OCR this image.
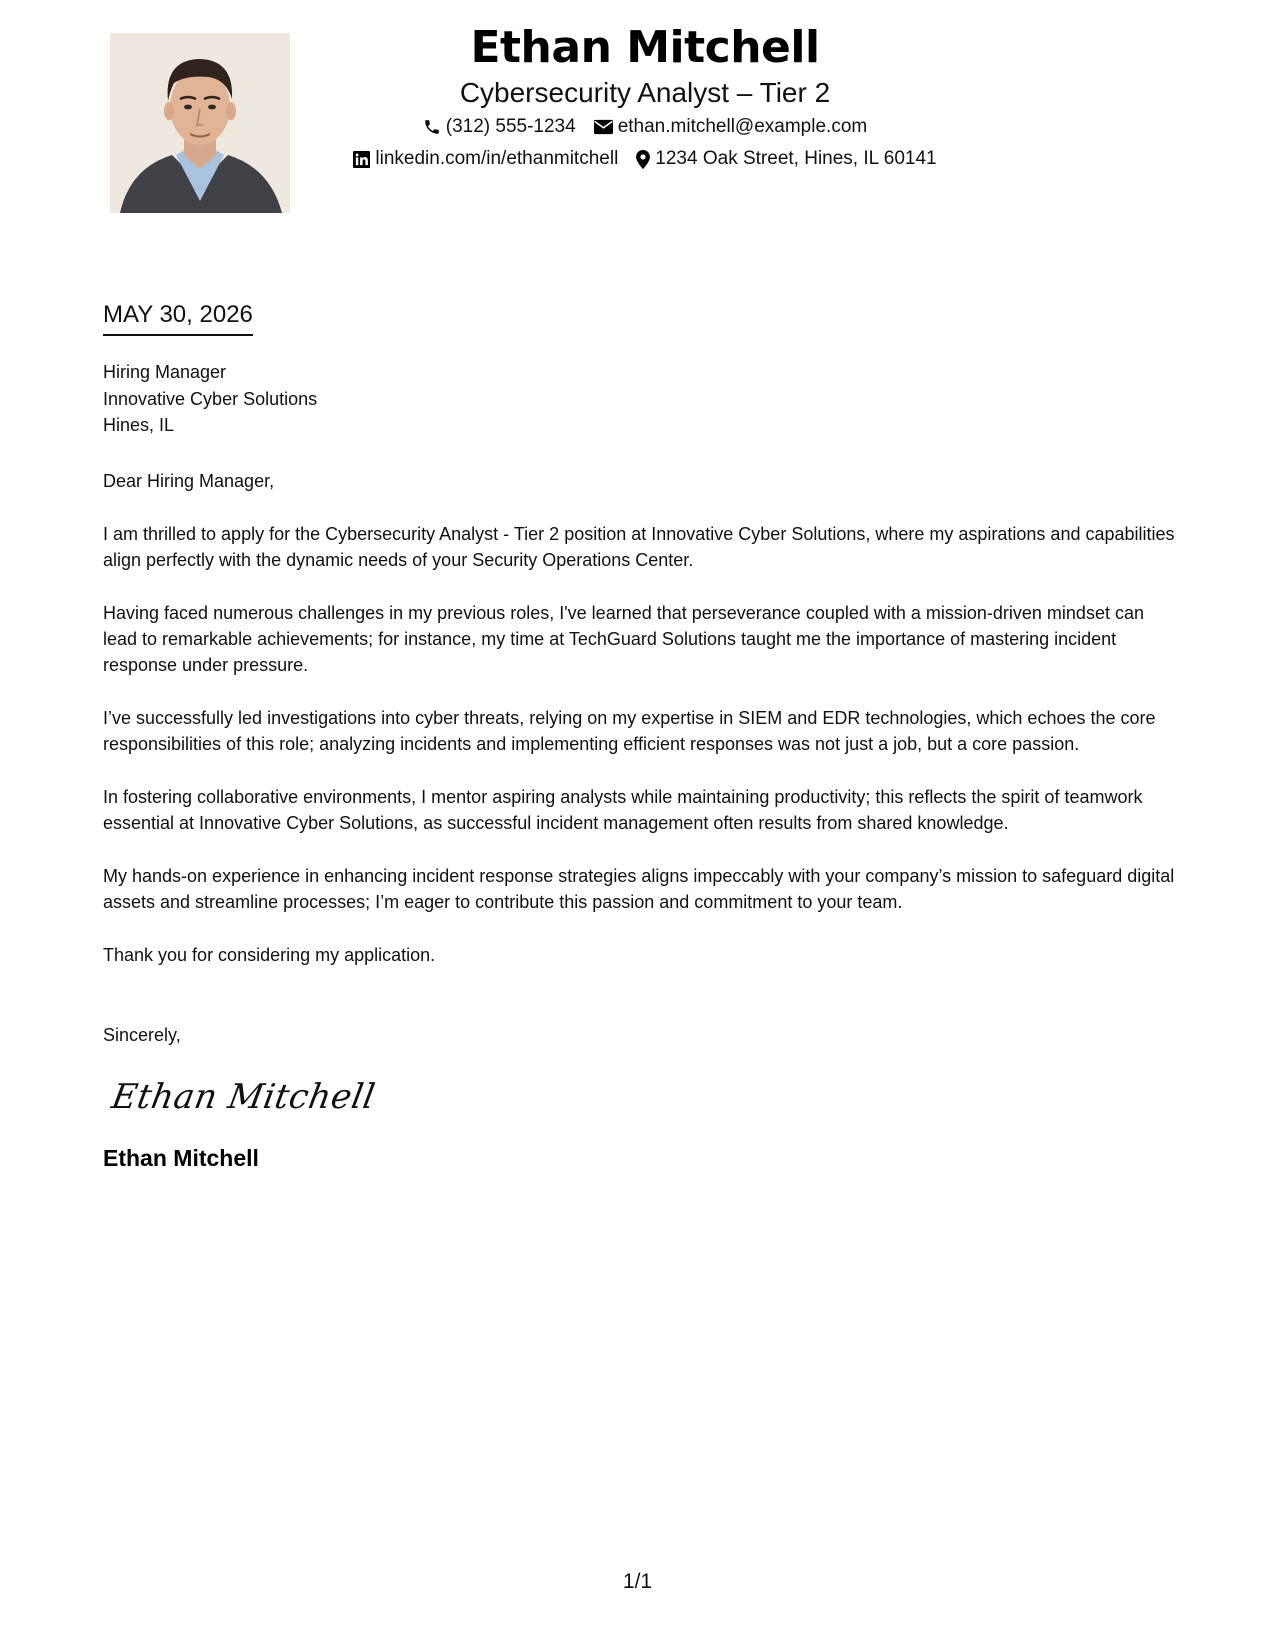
Ethan Mitchell
Cybersecurity Analyst – Tier 2
(312) 555-1234 ethan.mitchell@example.com
linkedin.com/in/ethanmitchell 1234 Oak Street, Hines, IL 60141
MAY 30, 2026
Hiring Manager
Innovative Cyber Solutions
Hines, IL
Dear Hiring Manager,
I am thrilled to apply for the Cybersecurity Analyst - Tier 2 position at Innovative Cyber Solutions, where my aspirations and capabilities align perfectly with the dynamic needs of your Security Operations Center.
Having faced numerous challenges in my previous roles, I've learned that perseverance coupled with a mission-driven mindset can lead to remarkable achievements; for instance, my time at TechGuard Solutions taught me the importance of mastering incident response under pressure.
I’ve successfully led investigations into cyber threats, relying on my expertise in SIEM and EDR technologies, which echoes the core responsibilities of this role; analyzing incidents and implementing efficient responses was not just a job, but a core passion.
In fostering collaborative environments, I mentor aspiring analysts while maintaining productivity; this reflects the spirit of teamwork essential at Innovative Cyber Solutions, as successful incident management often results from shared knowledge.
My hands-on experience in enhancing incident response strategies aligns impeccably with your company’s mission to safeguard digital assets and streamline processes; I’m eager to contribute this passion and commitment to your team.
Thank you for considering my application.
Sincerely,
Ethan Mitchell
Ethan Mitchell
1/1
